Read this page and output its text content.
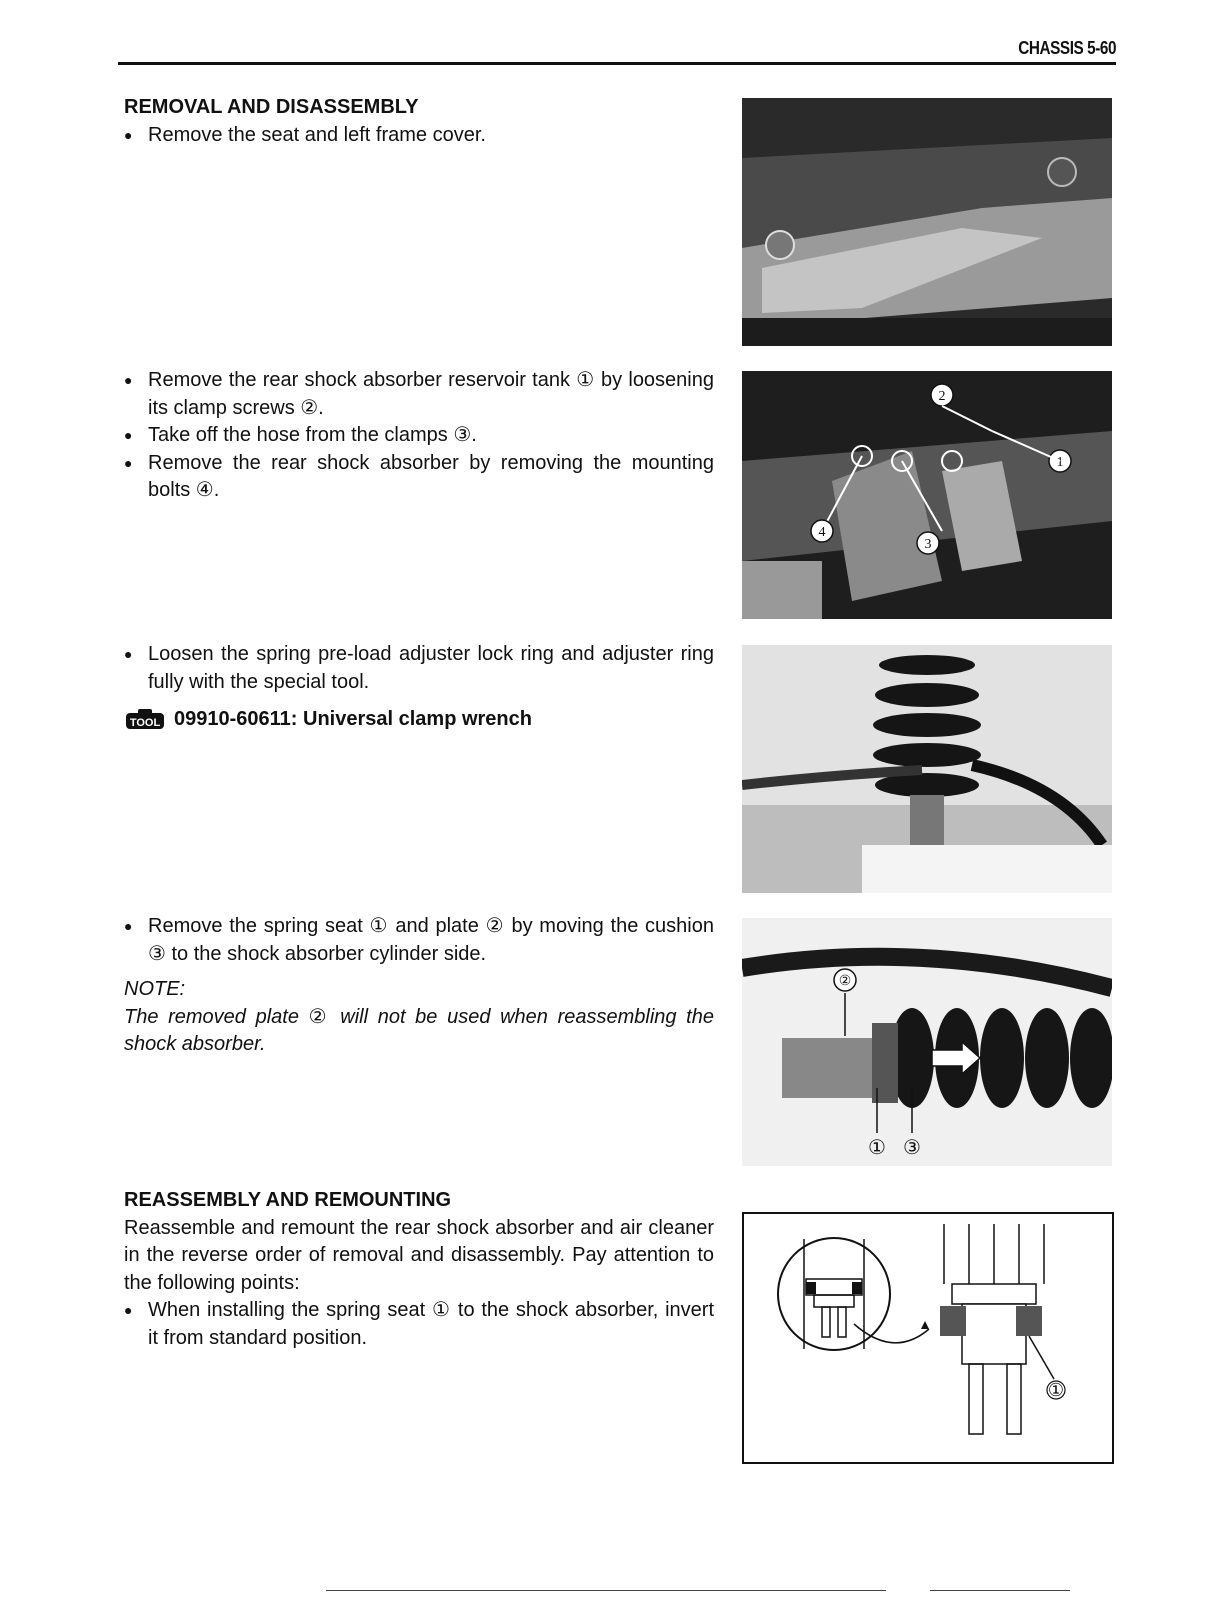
CHASSIS 5-60
REMOVAL AND DISASSEMBLY
● Remove the seat and left frame cover.
● Remove the rear shock absorber reservoir tank ① by loosening its clamp screws ②.
● Take off the hose from the clamps ③.
● Remove the rear shock absorber by removing the mounting bolts ④.
● Loosen the spring pre-load adjuster lock ring and adjuster ring fully with the special tool.
TOOL 09910-60611: Universal clamp wrench
● Remove the spring seat ① and plate ② by moving the cushion ③ to the shock absorber cylinder side.
NOTE:
The removed plate ② will not be used when reassembling the shock absorber.
REASSEMBLY AND REMOUNTING
Reassemble and remount the rear shock absorber and air cleaner in the reverse order of removal and disassembly. Pay attention to the following points:
● When installing the spring seat ① to the shock absorber, invert it from standard position.
2
1
3
4
②
① ③
①
